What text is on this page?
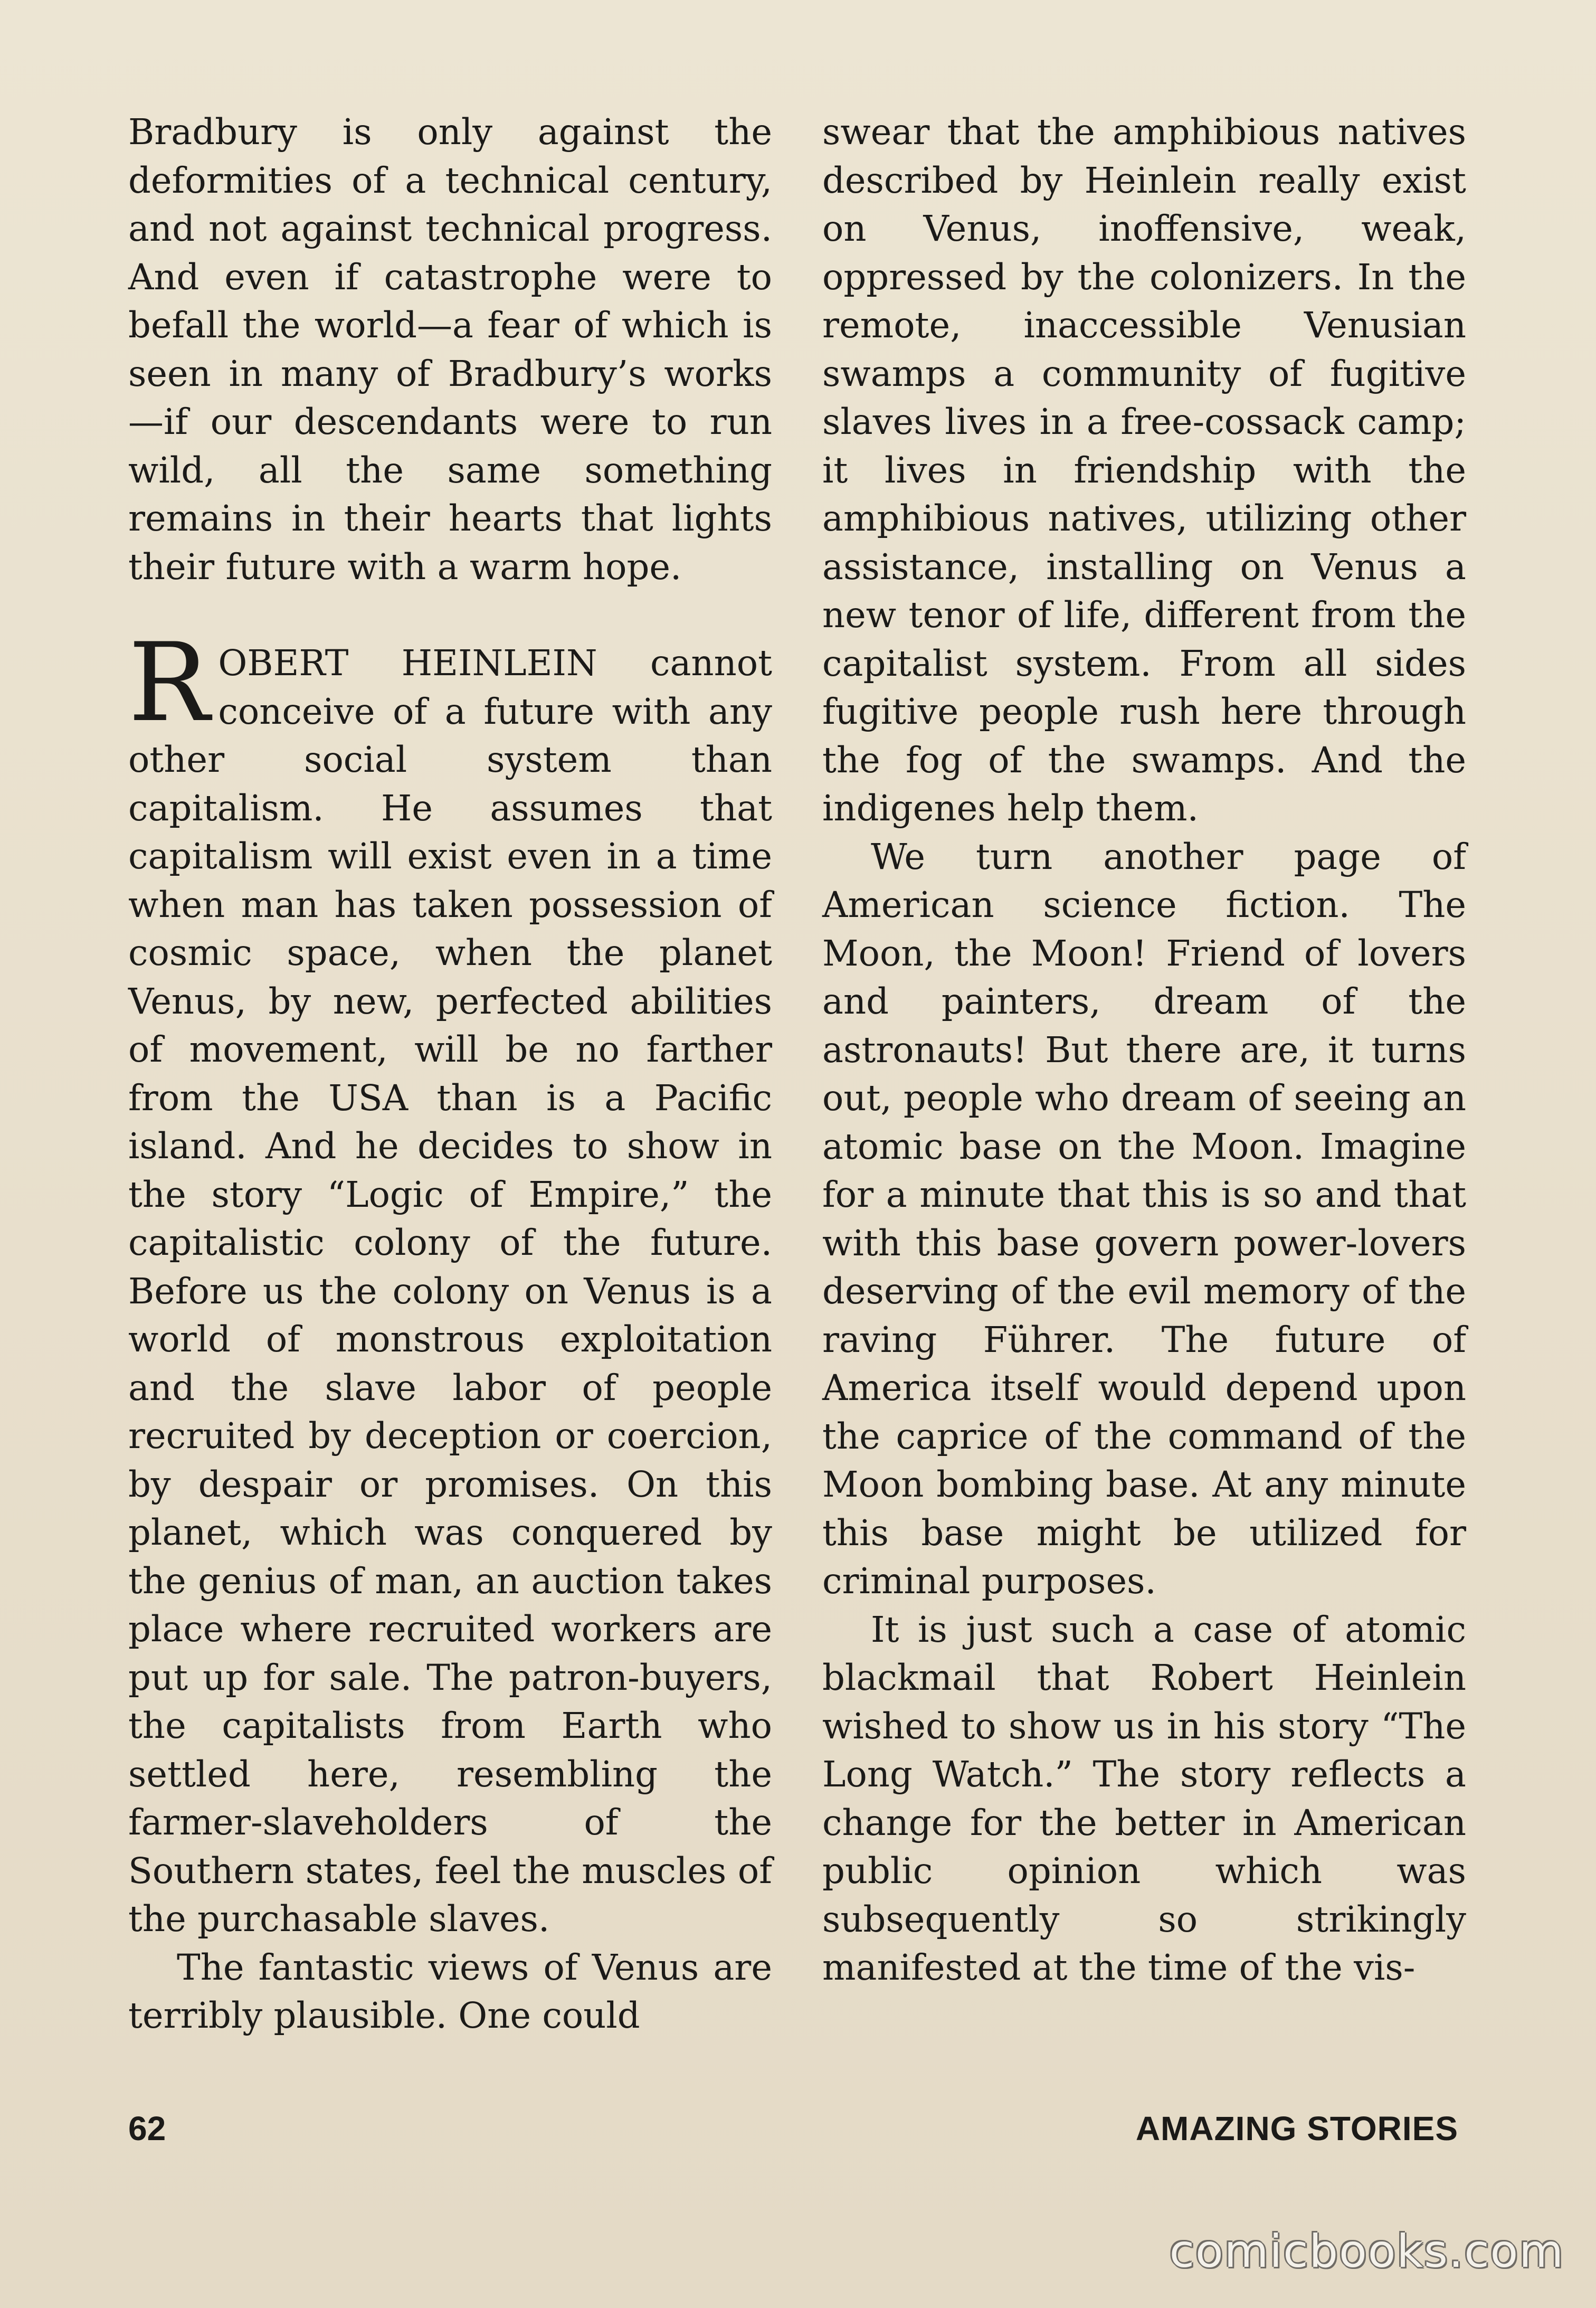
Bradbury is only against the deformities of a technical century, and not against technical progress. And even if catastrophe were to befall the world—a fear of which is seen in many of Bradbury’s works—if our descendants were to run wild, all the same something remains in their hearts that lights their future with a warm hope.

ROBERT HEINLEIN cannot conceive of a future with any other social system than capitalism. He assumes that capitalism will exist even in a time when man has taken possession of cosmic space, when the planet Venus, by new, perfected abilities of movement, will be no farther from the USA than is a Pacific island. And he decides to show in the story “Logic of Empire,” the capitalistic colony of the future. Before us the colony on Venus is a world of monstrous exploitation and the slave labor of people recruited by deception or coercion, by despair or promises. On this planet, which was conquered by the genius of man, an auction takes place where recruited workers are put up for sale. The patron-buyers, the capitalists from Earth who settled here, resembling the farmer-slaveholders of the Southern states, feel the muscles of the purchasable slaves.

The fantastic views of Venus are terribly plausible. One could

swear that the amphibious natives described by Heinlein really exist on Venus, inoffensive, weak, oppressed by the colonizers. In the remote, inaccessible Venusian swamps a community of fugitive slaves lives in a free-cossack camp; it lives in friendship with the amphibious natives, utilizing other assistance, installing on Venus a new tenor of life, different from the capitalist system. From all sides fugitive people rush here through the fog of the swamps. And the indigenes help them.

We turn another page of American science fiction. The Moon, the Moon! Friend of lovers and painters, dream of the astronauts! But there are, it turns out, people who dream of seeing an atomic base on the Moon. Imagine for a minute that this is so and that with this base govern power-lovers deserving of the evil memory of the raving Führer. The future of America itself would depend upon the caprice of the command of the Moon bombing base. At any minute this base might be utilized for criminal purposes.

It is just such a case of atomic blackmail that Robert Heinlein wished to show us in his story “The Long Watch.” The story reflects a change for the better in American public opinion which was subsequently so strikingly manifested at the time of the vis-

62	AMAZING STORIES
comicbooks.com
